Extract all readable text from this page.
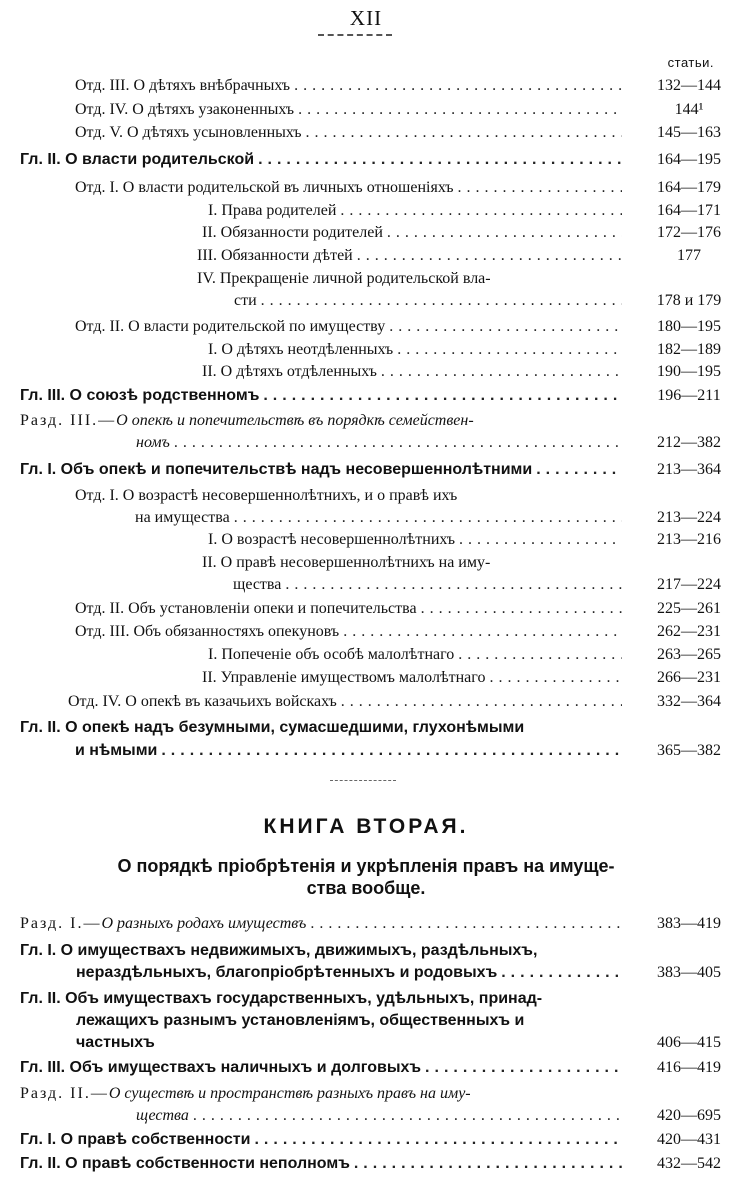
XII
статьи.
Отд. III. О дѣтяхъ внѣбрачныхъ .....	132—144
Отд. IV. О дѣтяхъ узаконенныхъ .....	144¹
Отд. V. О дѣтяхъ усыновленныхъ .....	145—163
Гл. II. О власти родительской .....	164—195
Отд. I. О власти родительской въ личныхъ отношеніяхъ .....	164—179
I. Права родителей .....	164—171
II. Обязанности родителей .....	172—176
III. Обязанности дѣтей .....	177
IV. Прекращеніе личной родительской вла-
сти .....	178 и 179
Отд. II. О власти родительской по имуществу .....	180—195
I. О дѣтяхъ неотдѣленныхъ .....	182—189
II. О дѣтяхъ отдѣленныхъ .....	190—195
Гл. III. О союзѣ родственномъ .....	196—211
Разд. III.—О опекѣ и попечительствѣ въ порядкѣ семействен-
номъ .....	212—382
Гл. I. Объ опекѣ и попечительствѣ надъ несовершеннолѣтними .....	213—364
Отд. I. О возрастѣ несовершеннолѣтнихъ, и о правѣ ихъ
на имущества .....	213—224
I. О возрастѣ несовершеннолѣтнихъ .....	213—216
II. О правѣ несовершеннолѣтнихъ на иму-
щества .....	217—224
Отд. II. Объ установленіи опеки и попечительства .....	225—261
Отд. III. Объ обязанностяхъ опекуновъ .....	262—231
I. Попеченіе объ особѣ малолѣтнаго .....	263—265
II. Управленіе имуществомъ малолѣтнаго .....	266—231
Отд. IV. О опекѣ въ казачьихъ войскахъ .....	332—364
Гл. II. О опекѣ надъ безумными, сумасшедшими, глухонѣмыми
и нѣмыми .....	365—382
КНИГА ВТОРАЯ.
О порядкѣ пріобрѣтенія и укрѣпленія правъ на имуще-
ства вообще.
Разд. I.— О разныхъ родахъ имуществъ .....	383—419
Гл. I. О имуществахъ недвижимыхъ, движимыхъ, раздѣльныхъ,
нераздѣльныхъ, благопріобрѣтенныхъ и родовыхъ .....	383—405
Гл. II. Объ имуществахъ государственныхъ, удѣльныхъ, принад-
лежащихъ разнымъ установленіямъ, общественныхъ и
частныхъ	406—415
Гл. III. Объ имуществахъ наличныхъ и долговыхъ .....	416—419
Разд. II.—О существѣ и пространствѣ разныхъ правъ на иму-
щества .....	420—695
Гл. I. О правѣ собственности .....	420—431
Гл. II. О правѣ собственности неполномъ .....	432—542
